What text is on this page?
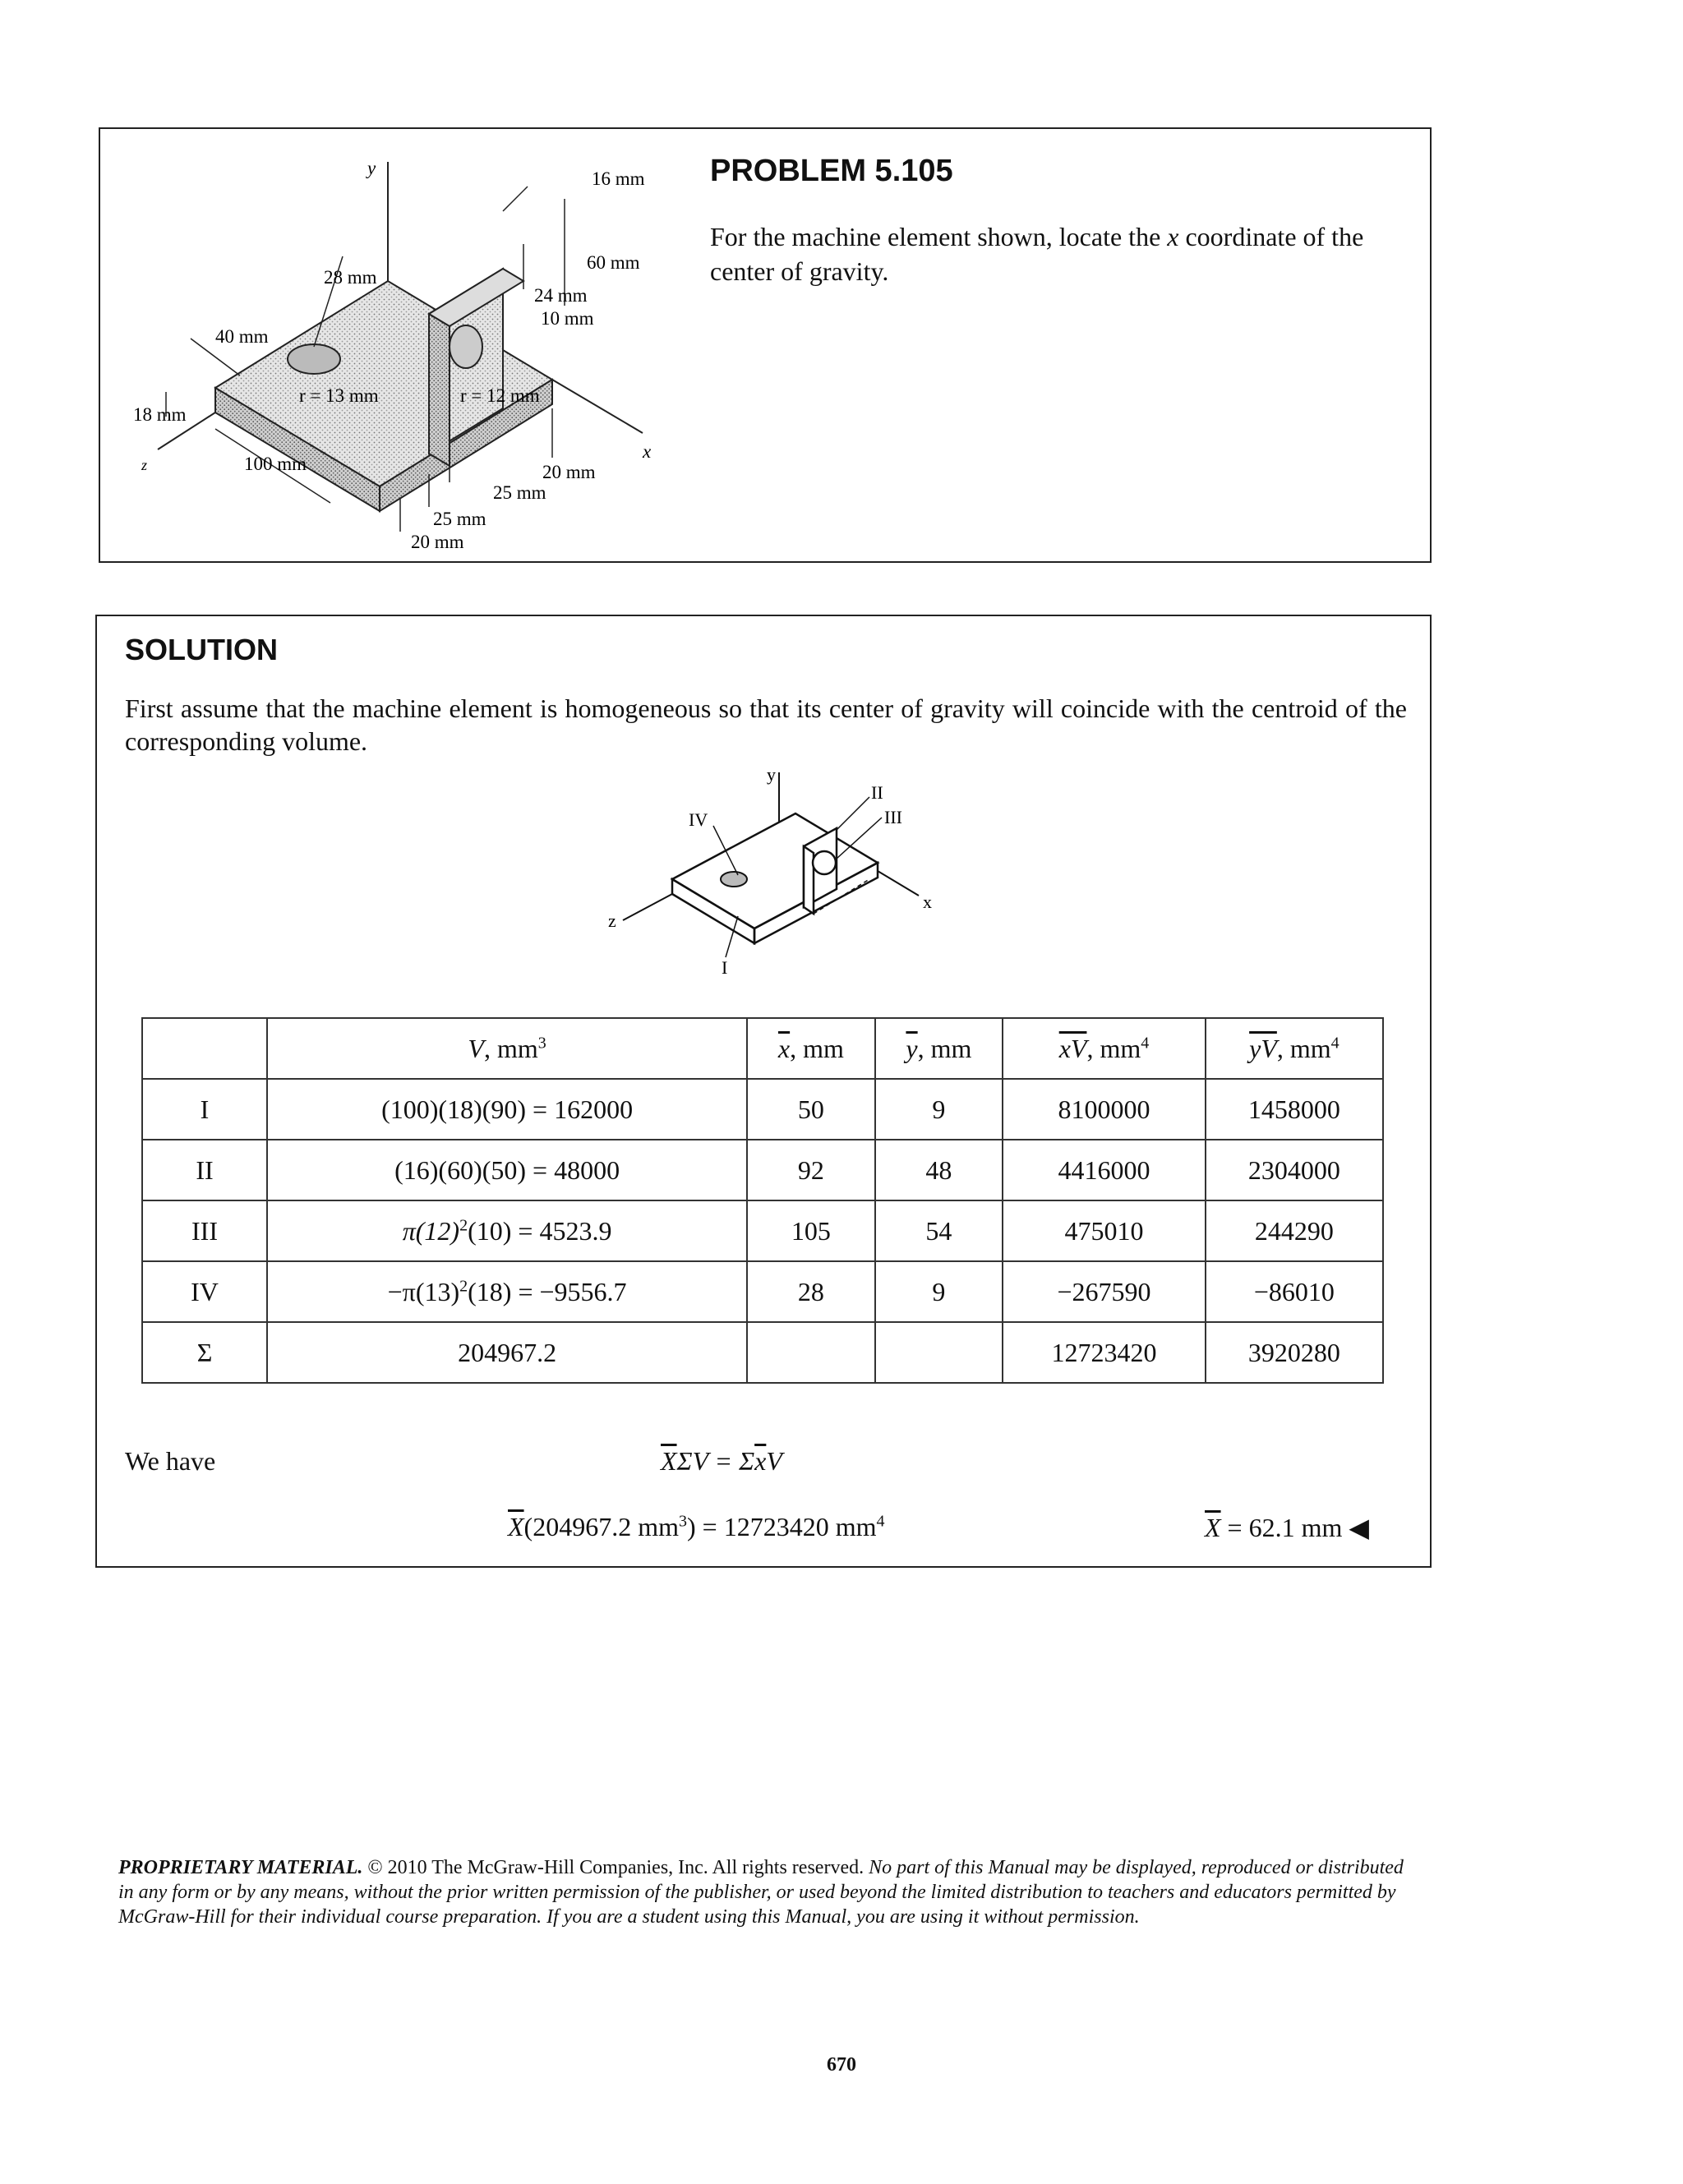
y
x
z
16 mm
60 mm
28 mm
24 mm
10 mm
40 mm
r = 13 mm	r = 12 mm
18 mm
100 mm	20 mm
25 mm
25 mm
20 mm
PROBLEM 5.105
For the machine element shown, locate the x coordinate of the center of gravity.
SOLUTION
First assume that the machine element is homogeneous so that its center of gravity will coincide with the centroid of the corresponding volume.
y
x
z
I
II
III
IV
	V, $mm^3$	$\overline{x}$, mm	$\overline{y}$, mm	$\overline{xV}$, $mm^4$	$\overline{yV}$, $mm^4$
I	(100)(18)(90) = 162000	50	9	8100000	1458000
II	(16)(60)(50) = 48000	92	48	4416000	2304000
III	$\pi(12)^2(10) = 4523.9$	105	54	475010	244290
IV	$-\pi(13)^2(18) = -9556.7$	28	9	−267590	−86010
Σ	204967.2			12723420	3920280
We have	$\overline{X}\Sigma V = \Sigma\overline{x}V$
$\overline{X}(204967.2$ $mm^3) = 12723420$ $mm^4$	$\overline{X} = 62.1$ mm ◀
PROPRIETARY MATERIAL. © 2010 The McGraw-Hill Companies, Inc. All rights reserved. No part of this Manual may be displayed, reproduced or distributed in any form or by any means, without the prior written permission of the publisher, or used beyond the limited distribution to teachers and educators permitted by McGraw-Hill for their individual course preparation. If you are a student using this Manual, you are using it without permission.
670
